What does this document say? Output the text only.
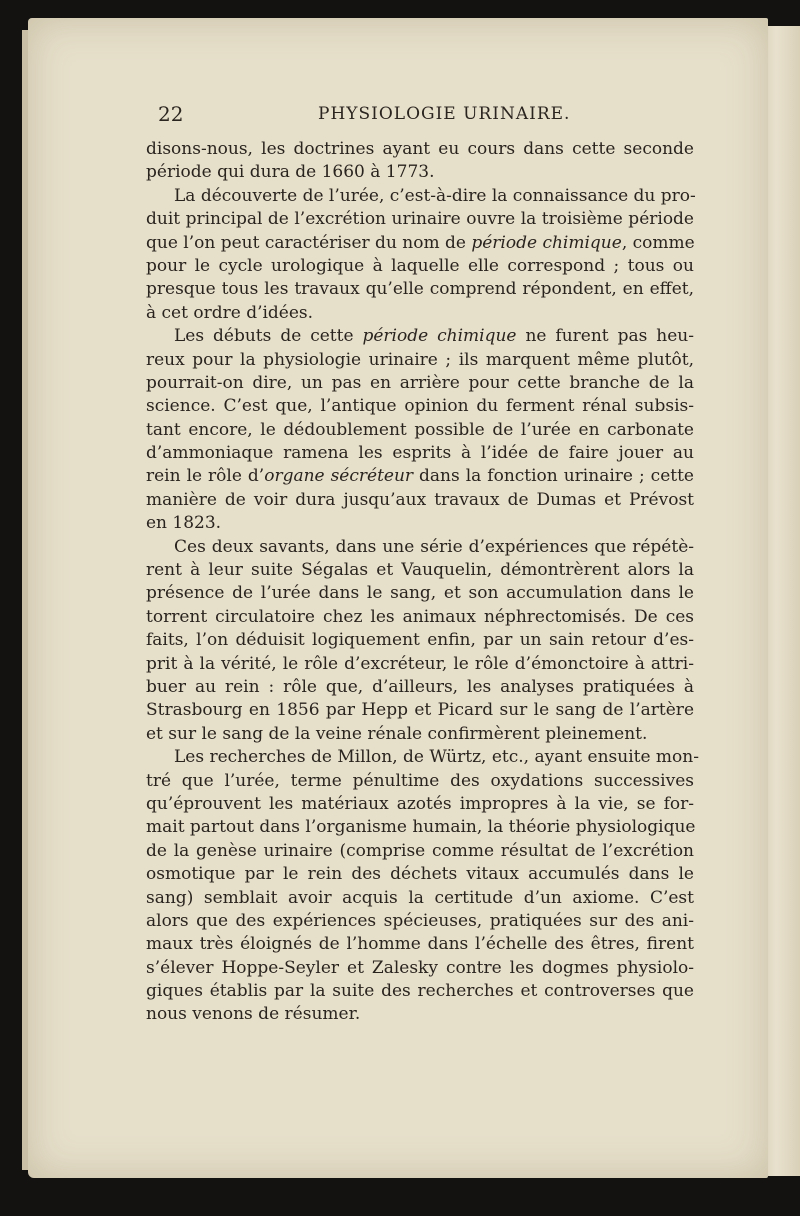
22	PHYSIOLOGIE URINAIRE.
disons-nous, les doctrines ayant eu cours dans cette seconde
période qui dura de 1660 à 1773.
La découverte de l’urée, c’est-à-dire la connaissance du pro-
duit principal de l’excrétion urinaire ouvre la troisième période
que l’on peut caractériser du nom de période chimique, comme
pour le cycle urologique à laquelle elle correspond ; tous ou
presque tous les travaux qu’elle comprend répondent, en effet,
à cet ordre d’idées.
Les débuts de cette période chimique ne furent pas heu-
reux pour la physiologie urinaire ; ils marquent même plutôt,
pourrait-on dire, un pas en arrière pour cette branche de la
science. C’est que, l’antique opinion du ferment rénal subsis-
tant encore, le dédoublement possible de l’urée en carbonate
d’ammoniaque ramena les esprits à l’idée de faire jouer au
rein le rôle d’organe sécréteur dans la fonction urinaire ; cette
manière de voir dura jusqu’aux travaux de Dumas et Prévost
en 1823.
Ces deux savants, dans une série d’expériences que répétè-
rent à leur suite Ségalas et Vauquelin, démontrèrent alors la
présence de l’urée dans le sang, et son accumulation dans le
torrent circulatoire chez les animaux néphrectomisés. De ces
faits, l’on déduisit logiquement enfin, par un sain retour d’es-
prit à la vérité, le rôle d’excréteur, le rôle d’émonctoire à attri-
buer au rein : rôle que, d’ailleurs, les analyses pratiquées à
Strasbourg en 1856 par Hepp et Picard sur le sang de l’artère
et sur le sang de la veine rénale confirmèrent pleinement.
Les recherches de Millon, de Würtz, etc., ayant ensuite mon-
tré que l’urée, terme pénultime des oxydations successives
qu’éprouvent les matériaux azotés impropres à la vie, se for-
mait partout dans l’organisme humain, la théorie physiologique
de la genèse urinaire (comprise comme résultat de l’excrétion
osmotique par le rein des déchets vitaux accumulés dans le
sang) semblait avoir acquis la certitude d’un axiome. C’est
alors que des expériences spécieuses, pratiquées sur des ani-
maux très éloignés de l’homme dans l’échelle des êtres, firent
s’élever Hoppe-Seyler et Zalesky contre les dogmes physiolo-
giques établis par la suite des recherches et controverses que
nous venons de résumer.
